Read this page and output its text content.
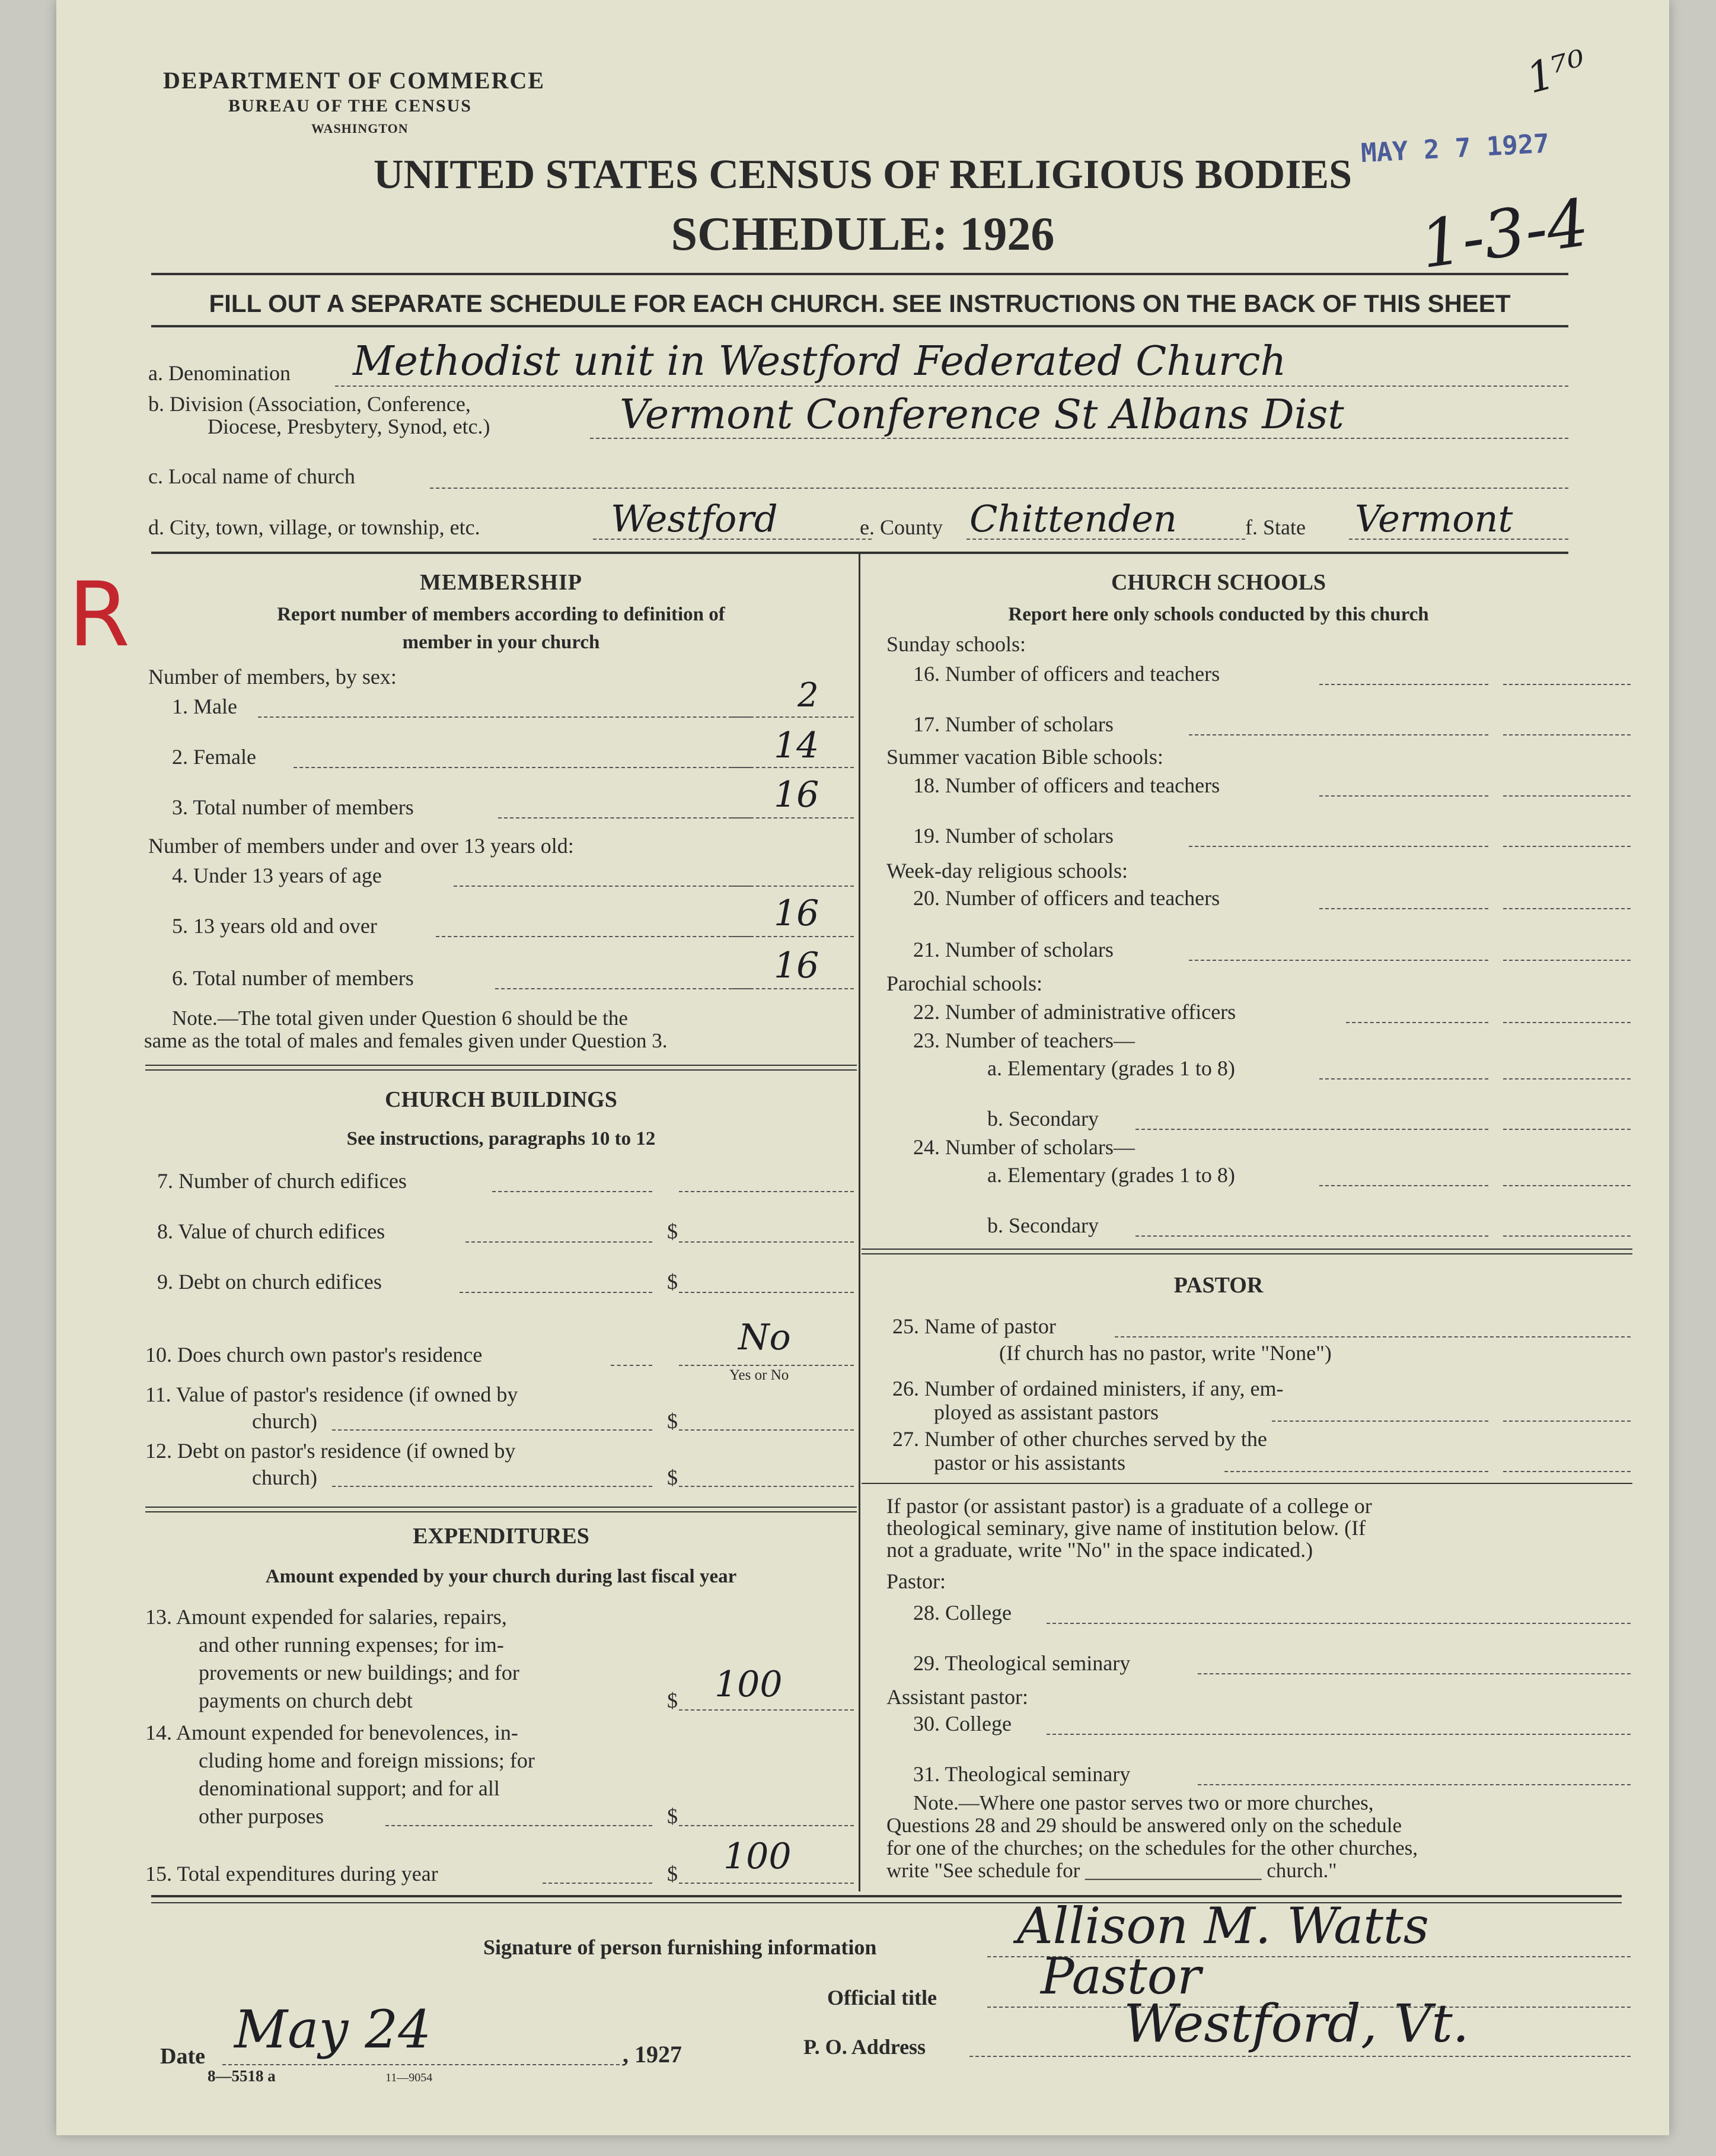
DEPARTMENT OF COMMERCE
BUREAU OF THE CENSUS
WASHINGTON
MAY 2 7 1927
1⁷⁰
1-3-4
R
UNITED STATES CENSUS OF RELIGIOUS BODIES
SCHEDULE: 1926
FILL OUT A SEPARATE SCHEDULE FOR EACH CHURCH. SEE INSTRUCTIONS ON THE BACK OF THIS SHEET
a. Denomination Methodist unit in Westford Federated Church
b. Division (Association, Conference,
Diocese, Presbytery, Synod, etc.)	Vermont Conference St Albans Dist
c. Local name of church
d. City, town, village, or township, etc.	Westford	e. County Chittenden	f. State Vermont
MEMBERSHIP
Report number of members according to definition of
member in your church
Number of members, by sex:
1. Male	2
2. Female	14
3. Total number of members	16
Number of members under and over 13 years old:
4. Under 13 years of age
5. 13 years old and over	16
6. Total number of members	16
Note.—The total given under Question 6 should be the
same as the total of males and females given under Question 3.
CHURCH BUILDINGS
See instructions, paragraphs 10 to 12
7. Number of church edifices
8. Value of church edifices	$
9. Debt on church edifices	$
10. Does church own pastor's residence	No
Yes or No
11. Value of pastor's residence (if owned by
church)	$
12. Debt on pastor's residence (if owned by
church)	$
EXPENDITURES
Amount expended by your church during last fiscal year
13. Amount expended for salaries, repairs,
and other running expenses; for im-
provements or new buildings; and for
payments on church debt	$ 100
14. Amount expended for benevolences, in-
cluding home and foreign missions; for
denominational support; and for all
other purposes	$
15. Total expenditures during year	$ 100
CHURCH SCHOOLS
Report here only schools conducted by this church
Sunday schools:
16. Number of officers and teachers
17. Number of scholars
Summer vacation Bible schools:
18. Number of officers and teachers
19. Number of scholars
Week-day religious schools:
20. Number of officers and teachers
21. Number of scholars
Parochial schools:
22. Number of administrative officers
23. Number of teachers—
a. Elementary (grades 1 to 8)
b. Secondary
24. Number of scholars—
a. Elementary (grades 1 to 8)
b. Secondary
PASTOR
25. Name of pastor
(If church has no pastor, write "None")
26. Number of ordained ministers, if any, em-
ployed as assistant pastors
27. Number of other churches served by the
pastor or his assistants
If pastor (or assistant pastor) is a graduate of a college or
theological seminary, give name of institution below. (If
not a graduate, write "No" in the space indicated.)
Pastor:
28. College
29. Theological seminary
Assistant pastor:
30. College
31. Theological seminary
Note.—Where one pastor serves two or more churches,
Questions 28 and 29 should be answered only on the schedule
for one of the churches; on the schedules for the other churches,
write "See schedule for _________________ church."
Signature of person furnishing information	Allison M. Watts
Official title Pastor
P. O. Address	Westford, Vt.
Date May 24	, 1927
8—5518 a	11—9054
